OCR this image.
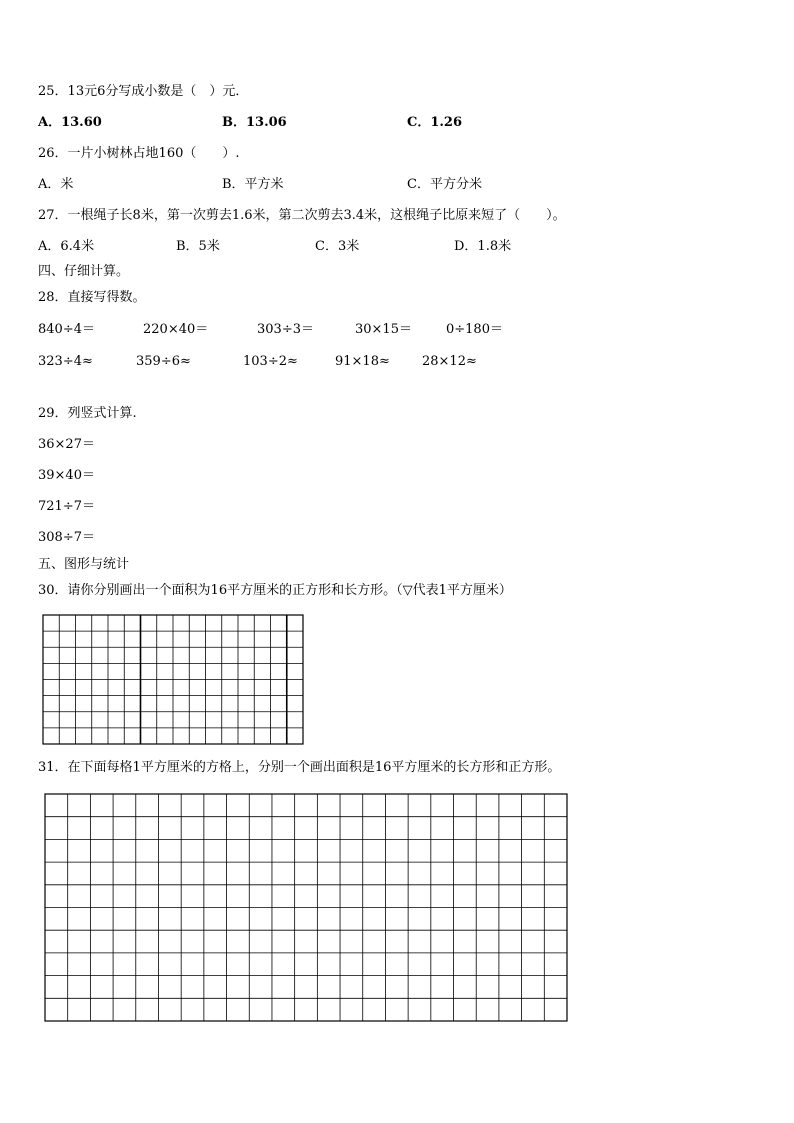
25．13元6分写成小数是（　）元．
A．13.60	B．13.06	C．1.26
26．一片小树林占地160（　　）.
A．米	B．平方米	C．平方分米
27．一根绳子长8米，第一次剪去1.6米，第二次剪去3.4米，这根绳子比原来短了（　　）。
A．6.4米	B．5米	C．3米	D．1.8米
四、仔细计算。
28．直接写得数。
840÷4＝	220×40＝	303÷3＝	30×15＝	0÷180＝
323÷4≈	359÷6≈	103÷2≈	91×18≈ 28×12≈
29．列竖式计算.
36×27＝
39×40＝
721÷7＝
308÷7＝
五、图形与统计
30．请你分别画出一个面积为16平方厘米的正方形和长方形。（▽代表1平方厘米）
31．在下面每格1平方厘米的方格上，分别一个画出面积是16平方厘米的长方形和正方形。
